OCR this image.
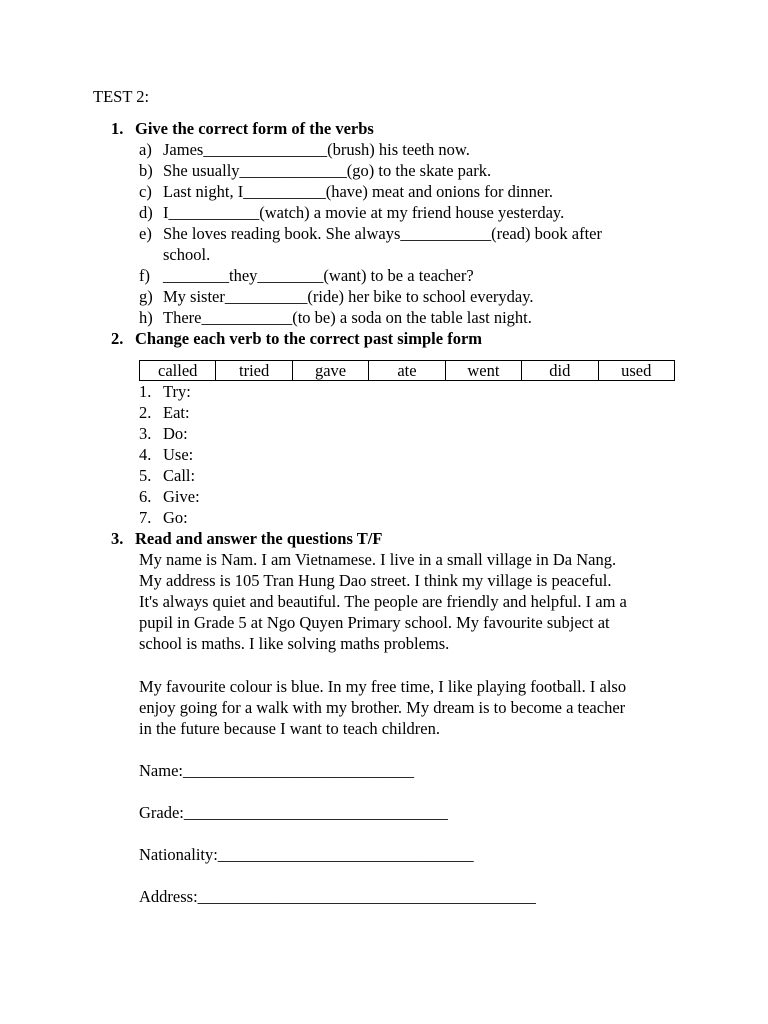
TEST 2:
1. Give the correct form of the verbs
a) James_______________(brush) his teeth now.
b) She usually_____________(go) to the skate park.
c) Last night, I__________(have) meat and onions for dinner.
d) I___________(watch) a movie at my friend house yesterday.
e) She loves reading book. She always___________(read) book after
school.
f) ________they________(want) to be a teacher?
g) My sister__________(ride) her bike to school everyday.
h) There___________(to be) a soda on the table last night.
2. Change each verb to the correct past simple form
called	tried	gave	ate	went	did	used
1. Try:
2. Eat:
3. Do:
4. Use:
5. Call:
6. Give:
7. Go:
3. Read and answer the questions T/F
My name is Nam. I am Vietnamese. I live in a small village in Da Nang.
My address is 105 Tran Hung Dao street. I think my village is peaceful.
It's always quiet and beautiful. The people are friendly and helpful. I am a
pupil in Grade 5 at Ngo Quyen Primary school. My favourite subject at
school is maths. I like solving maths problems.
My favourite colour is blue. In my free time, I like playing football. I also
enjoy going for a walk with my brother. My dream is to become a teacher
in the future because I want to teach children.
Name:____________________________
Grade:________________________________
Nationality:_______________________________
Address:_________________________________________
